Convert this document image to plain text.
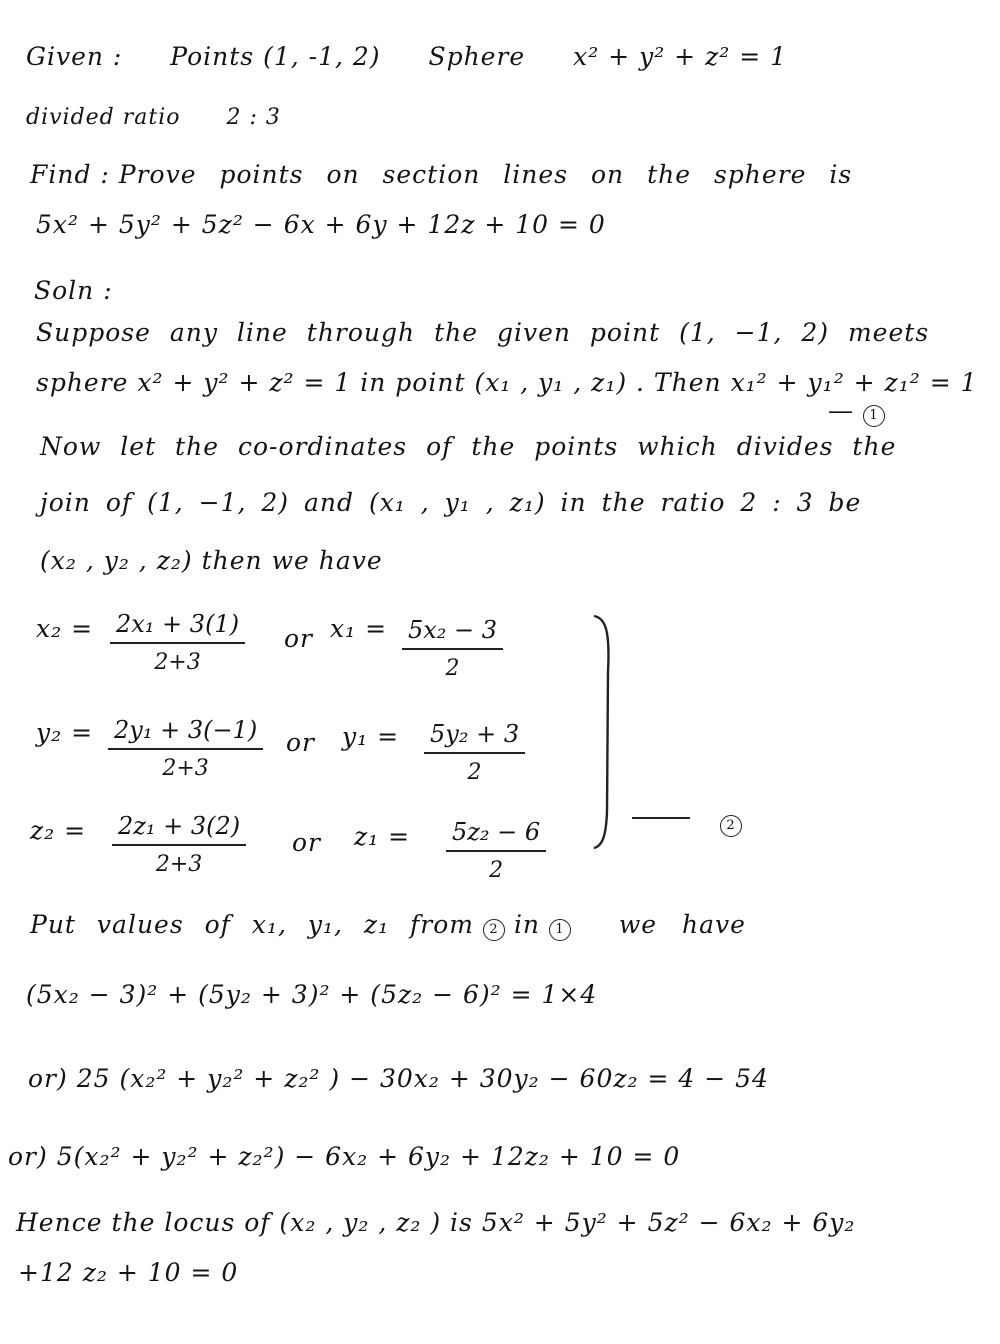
Given : Points (1, -1, 2) Sphere x² + y² + z² = 1
divided ratio 2 : 3
Find : Prove points on section lines on the sphere is
5x² + 5y² + 5z² − 6x + 6y + 12z + 10 = 0
Soln :
Suppose any line through the given point (1, −1, 2) meets
sphere x² + y² + z² = 1 in point (x₁ , y₁ , z₁) . Then x₁² + y₁² + z₁² = 1
— 1
Now let the co-ordinates of the points which divides the
join of (1, −1, 2) and (x₁ , y₁ , z₁) in the ratio 2 : 3 be
(x₂ , y₂ , z₂) then we have
$x_2 = \frac{\text{2x₁ + 3(1)}}{2+3}$ or $x_1 = \frac{\text{5x₂ − 3}}{2}$
$y_2 = \frac{\text{2y₁ + 3(−1)}}{2+3}$ or $y_1 = \frac{\text{5y₂ + 3}}{2}$
$z_2 = \frac{\text{2z₁ + 3(2)}}{2+3}$ or $z_1 = \frac{\text{5z₂ − 6}}{2}$	2
Put values of x₁, y₁, z₁ from 2 in 1 we have
(5x₂ − 3)² + (5y₂ + 3)² + (5z₂ − 6)² = 1×4
or) 25 (x₂² + y₂² + z₂² ) − 30x₂ + 30y₂ − 60z₂ = 4 − 54
or) 5(x₂² + y₂² + z₂²) − 6x₂ + 6y₂ + 12z₂ + 10 = 0
Hence the locus of (x₂ , y₂ , z₂ ) is 5x² + 5y² + 5z² − 6x₂ + 6y₂
+12 z₂ + 10 = 0
